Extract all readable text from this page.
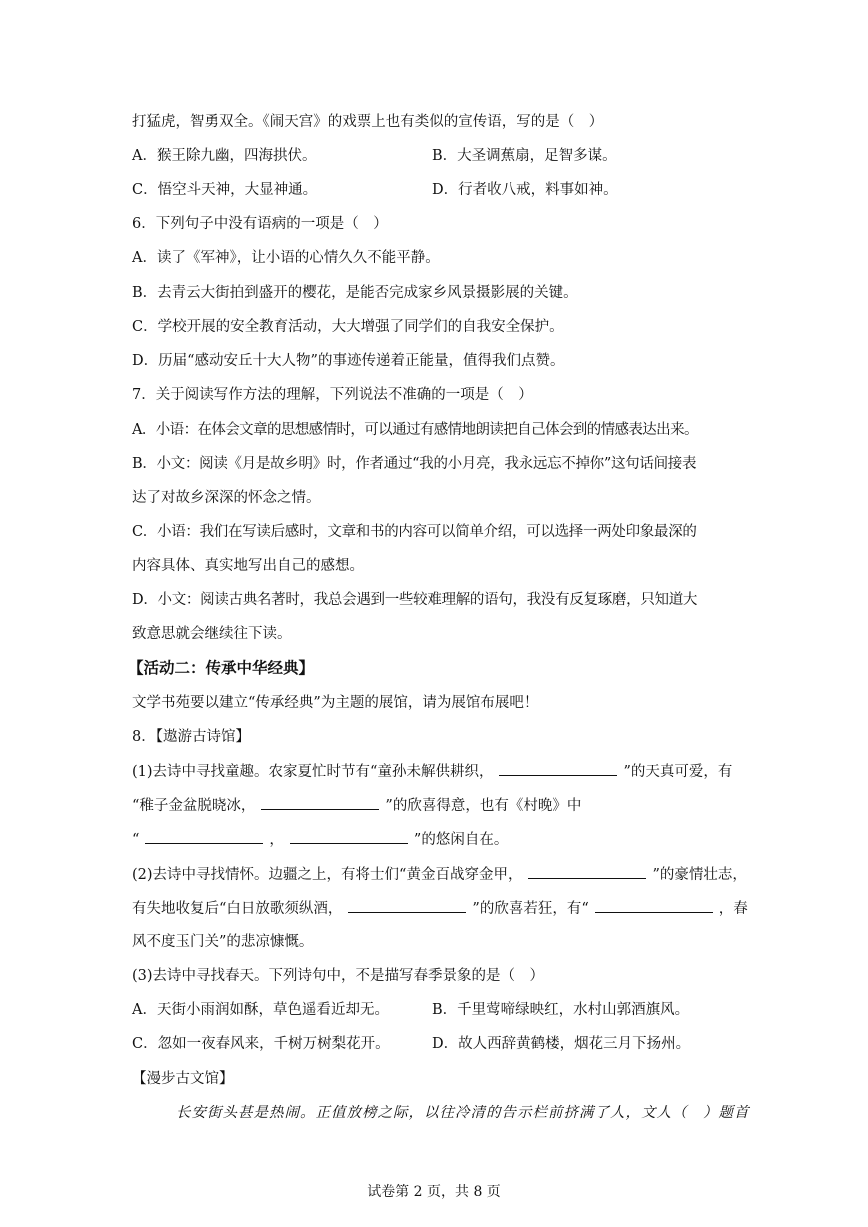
打猛虎，智勇双全。《闹天宫》的戏票上也有类似的宣传语，写的是（　）
A．猴王除九幽，四海拱伏。	B．大圣调蕉扇，足智多谋。
C．悟空斗天神，大显神通。	D．行者收八戒，料事如神。
6．下列句子中没有语病的一项是（　）
A．读了《军神》，让小语的心情久久不能平静。
B．去青云大街拍到盛开的樱花，是能否完成家乡风景摄影展的关键。
C．学校开展的安全教育活动，大大增强了同学们的自我安全保护。
D．历届“感动安丘十大人物”的事迹传递着正能量，值得我们点赞。
7．关于阅读写作方法的理解，下列说法不准确的一项是（　）
A．小语：在体会文章的思想感情时，可以通过有感情地朗读把自己体会到的情感表达出来。
B．小文：阅读《月是故乡明》时，作者通过“我的小月亮，我永远忘不掉你”这句话间接表
达了对故乡深深的怀念之情。
C．小语：我们在写读后感时，文章和书的内容可以简单介绍，可以选择一两处印象最深的
内容具体、真实地写出自己的感想。
D．小文：阅读古典名著时，我总会遇到一些较难理解的语句，我没有反复琢磨，只知道大
致意思就会继续往下读。
【活动二：传承中华经典】
文学书苑要以建立“传承经典”为主题的展馆，请为展馆布展吧！
8．【遨游古诗馆】
(1)去诗中寻找童趣。农家夏忙时节有“童孙未解供耕织，	”的天真可爱，有
“稚子金盆脱晓冰，	”的欣喜得意，也有《村晚》中
“	，	”的悠闲自在。
(2)去诗中寻找情怀。边疆之上，有将士们“黄金百战穿金甲，	”的豪情壮志，
有失地收复后“白日放歌须纵酒，	”的欣喜若狂，有“	，春
风不度玉门关”的悲凉慷慨。
(3)去诗中寻找春天。下列诗句中，不是描写春季景象的是（　）
A．天街小雨润如酥，草色遥看近却无。	B．千里莺啼绿映红，水村山郭酒旗风。
C．忽如一夜春风来，千树万树梨花开。	D．故人西辞黄鹤楼，烟花三月下扬州。
【漫步古文馆】
长安街头甚是热闹。正值放榜之际，以往冷清的告示栏前挤满了人，文人（　）题首
试卷第 2 页，共 8 页
